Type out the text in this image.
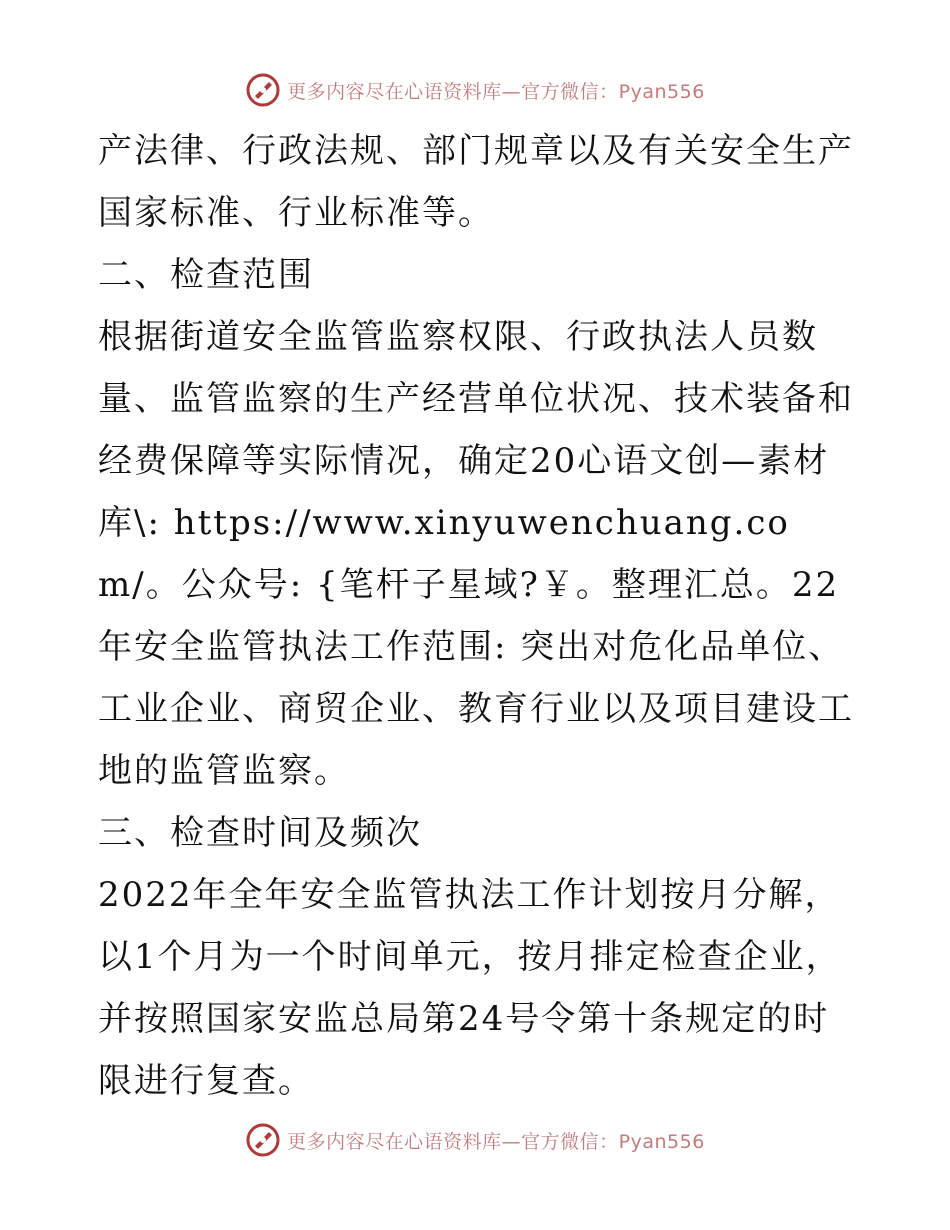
更多内容尽在心语资料库—官方微信：Pyan556

产法律、行政法规、部门规章以及有关安全生产国家标准、行业标准等。

二、检查范围

根据街道安全监管监察权限、行政执法人员数量、监管监察的生产经营单位状况、技术装备和经费保障等实际情况，确定20心语文创—素材库\: https://www.xinyuwenchuang.com/。公众号: {笔杆子星域?￥。整理汇总。22年安全监管执法工作范围: 突出对危化品单位、工业企业、商贸企业、教育行业以及项目建设工地的监管监察。

三、检查时间及频次

2022年全年安全监管执法工作计划按月分解，以1个月为一个时间单元，按月排定检查企业，并按照国家安监总局第24号令第十条规定的时限进行复查。

更多内容尽在心语资料库—官方微信：Pyan556
